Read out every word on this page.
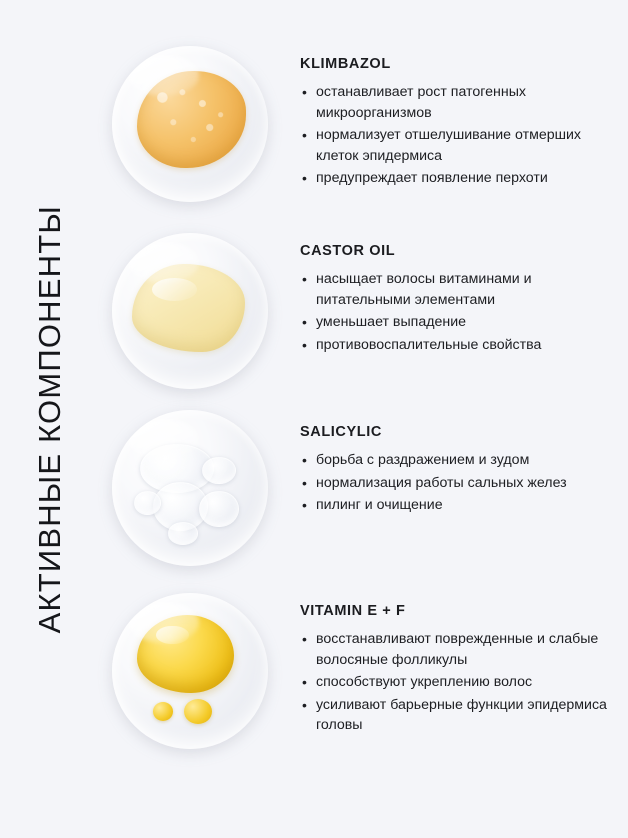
АКТИВНЫЕ КОМПОНЕНТЫ
KLIMBAZOL
• останавливает рост патогенных микроорганизмов
• нормализует отшелушивание отмерших клеток эпидермиса
• предупреждает появление перхоти
CASTOR OIL
• насыщает волосы витаминами и питательными элементами
• уменьшает выпадение
• противовоспалительные свойства
SALICYLIC
• борьба с раздражением и зудом
• нормализация работы сальных желез
• пилинг и очищение
VITAMIN E + F
• восстанавливают поврежденные и слабые волосяные фолликулы
• способствуют укреплению волос
• усиливают барьерные функции эпидермиса головы
